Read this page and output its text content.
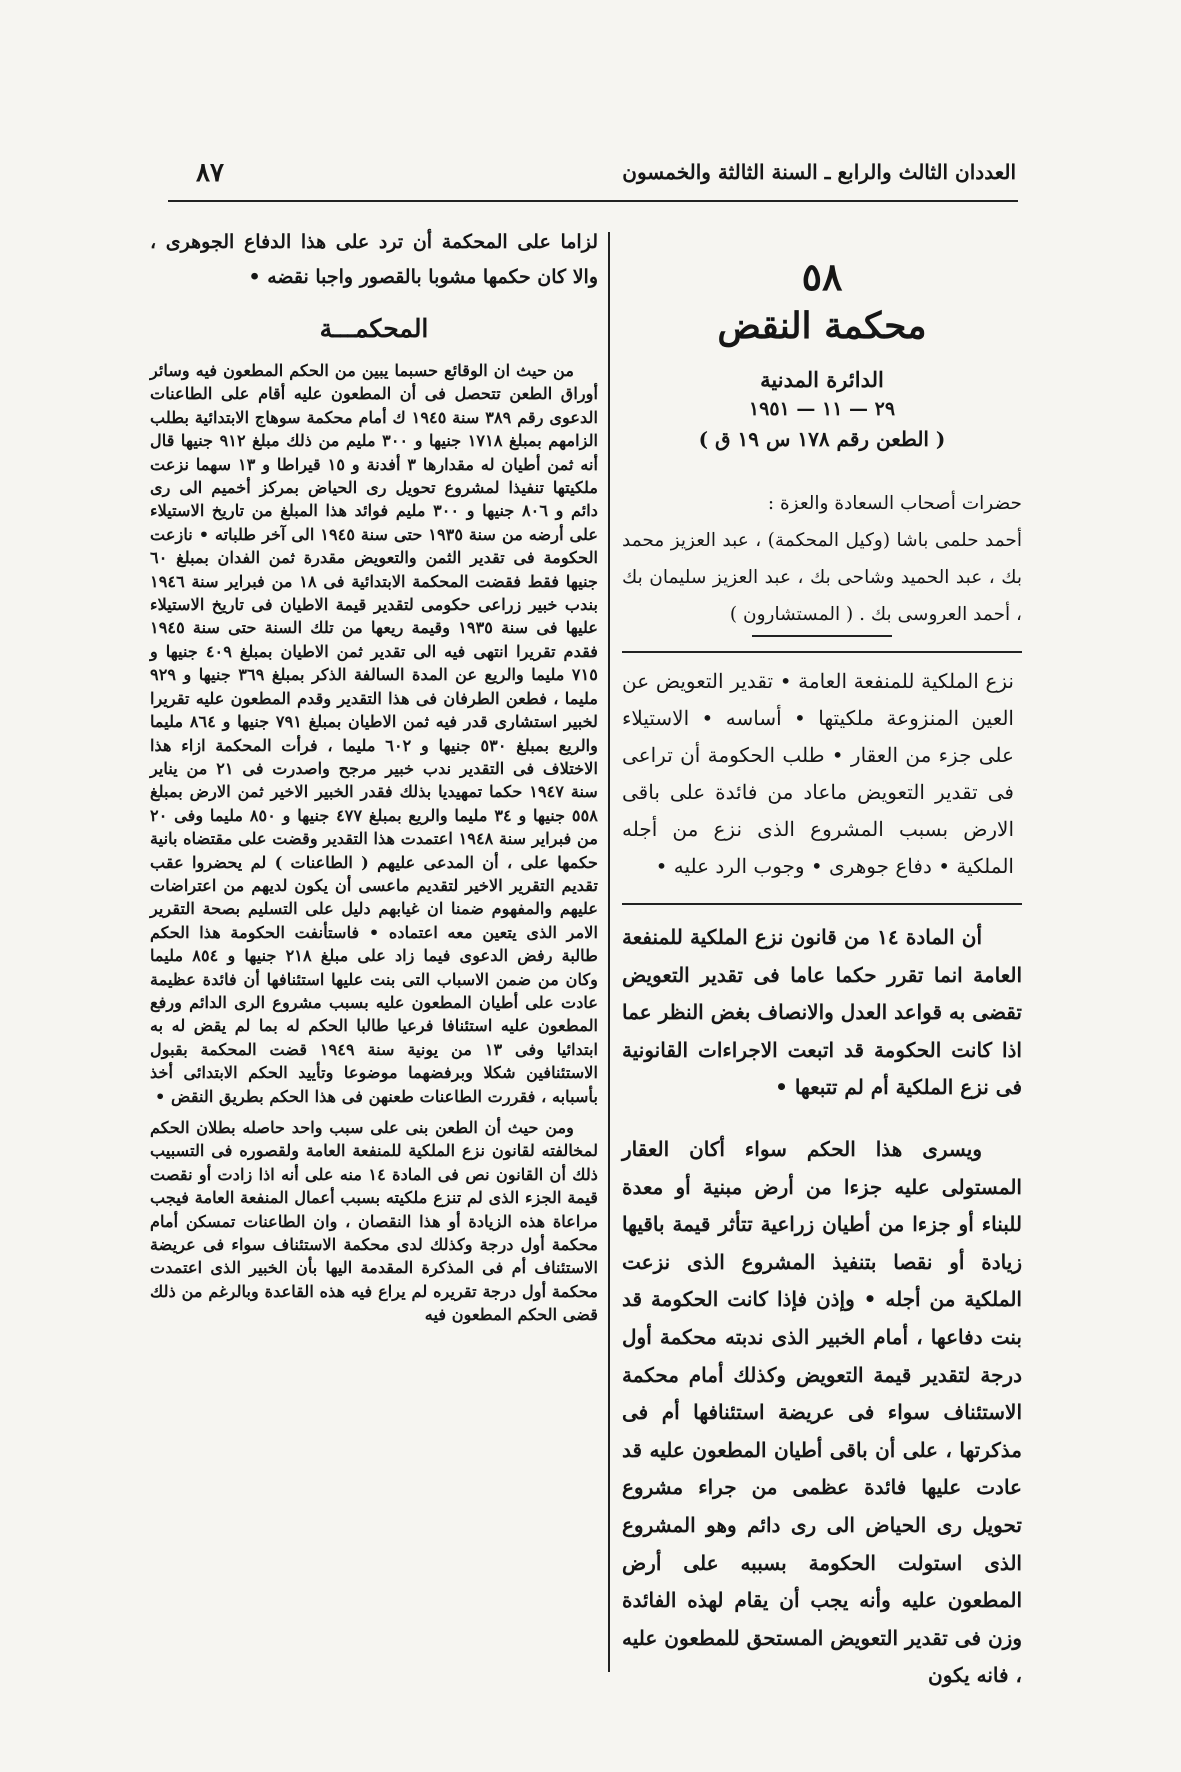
٨٧	العددان الثالث والرابع ـ السنة الثالثة والخمسون
٥٨
محكمة النقض
الدائرة المدنية
٢٩ — ١١ — ١٩٥١
( الطعن رقم ١٧٨ س ١٩ ق )

حضرات أصحاب السعادة والعزة :

أحمد حلمى باشا (وكيل المحكمة) ، عبد العزيز محمد بك ، عبد الحميد وشاحى بك ، عبد العزيز سليمان بك ، أحمد العروسى بك . ( المستشارون )

نزع الملكية للمنفعة العامة • تقدير التعويض عن العين المنزوعة ملكيتها • أساسه • الاستيلاء على جزء من العقار • طلب الحكومة أن تراعى فى تقدير التعويض ماعاد من فائدة على باقى الارض بسبب المشروع الذى نزع من أجله الملكية • دفاع جوهرى • وجوب الرد عليه •

أن المادة ١٤ من قانون نزع الملكية للمنفعة العامة انما تقرر حكما عاما فى تقدير التعويض تقضى به قواعد العدل والانصاف بغض النظر عما اذا كانت الحكومة قد اتبعت الاجراءات القانونية فى نزع الملكية أم لم تتبعها •

ويسرى هذا الحكم سواء أكان العقار المستولى عليه جزءا من أرض مبنية أو معدة للبناء أو جزءا من أطيان زراعية تتأثر قيمة باقيها زيادة أو نقصا بتنفيذ المشروع الذى نزعت الملكية من أجله • وإذن فإذا كانت الحكومة قد بنت دفاعها ، أمام الخبير الذى ندبته محكمة أول درجة لتقدير قيمة التعويض وكذلك أمام محكمة الاستئناف سواء فى عريضة استئنافها أم فى مذكرتها ، على أن باقى أطيان المطعون عليه قد عادت عليها فائدة عظمى من جراء مشروع تحويل رى الحياض الى رى دائم وهو المشروع الذى استولت الحكومة بسببه على أرض المطعون عليه وأنه يجب أن يقام لهذه الفائدة وزن فى تقدير التعويض المستحق للمطعون عليه ، فانه يكون

لزاما على المحكمة أن ترد على هذا الدفاع الجوهرى ، والا كان حكمها مشوبا بالقصور واجبا نقضه •
المحكمـــة

من حيث ان الوقائع حسبما يبين من الحكم المطعون فيه وسائر أوراق الطعن تتحصل فى أن المطعون عليه أقام على الطاعنات الدعوى رقم ٣٨٩ سنة ١٩٤٥ ك أمام محكمة سوهاج الابتدائية بطلب الزامهم بمبلغ ١٧١٨ جنيها و ٣٠٠ مليم من ذلك مبلغ ٩١٢ جنيها قال أنه ثمن أطيان له مقدارها ٣ أفدنة و ١٥ قيراطا و ١٣ سهما نزعت ملكيتها تنفيذا لمشروع تحويل رى الحياض بمركز أخميم الى رى دائم و ٨٠٦ جنيها و ٣٠٠ مليم فوائد هذا المبلغ من تاريخ الاستيلاء على أرضه من سنة ١٩٣٥ حتى سنة ١٩٤٥ الى آخر طلباته • نازعت الحكومة فى تقدير الثمن والتعويض مقدرة ثمن الفدان بمبلغ ٦٠ جنيها فقط فقضت المحكمة الابتدائية فى ١٨ من فبراير سنة ١٩٤٦ بندب خبير زراعى حكومى لتقدير قيمة الاطيان فى تاريخ الاستيلاء عليها فى سنة ١٩٣٥ وقيمة ريعها من تلك السنة حتى سنة ١٩٤٥ فقدم تقريرا انتهى فيه الى تقدير ثمن الاطيان بمبلغ ٤٠٩ جنيها و ٧١٥ مليما والريع عن المدة السالفة الذكر بمبلغ ٣٦٩ جنيها و ٩٢٩ مليما ، فطعن الطرفان فى هذا التقدير وقدم المطعون عليه تقريرا لخبير استشارى قدر فيه ثمن الاطيان بمبلغ ٧٩١ جنيها و ٨٦٤ مليما والريع بمبلغ ٥٣٠ جنيها و ٦٠٢ مليما ، فرأت المحكمة ازاء هذا الاختلاف فى التقدير ندب خبير مرجح واصدرت فى ٢١ من يناير سنة ١٩٤٧ حكما تمهيديا بذلك فقدر الخبير الاخير ثمن الارض بمبلغ ٥٥٨ جنيها و ٣٤ مليما والريع بمبلغ ٤٧٧ جنيها و ٨٥٠ مليما وفى ٢٠ من فبراير سنة ١٩٤٨ اعتمدت هذا التقدير وقضت على مقتضاه بانية حكمها على ، أن المدعى عليهم ( الطاعنات ) لم يحضروا عقب تقديم التقرير الاخير لتقديم ماعسى أن يكون لديهم من اعتراضات عليهم والمفهوم ضمنا ان غيابهم دليل على التسليم بصحة التقرير الامر الذى يتعين معه اعتماده • فاستأنفت الحكومة هذا الحكم طالبة رفض الدعوى فيما زاد على مبلغ ٢١٨ جنيها و ٨٥٤ مليما وكان من ضمن الاسباب التى بنت عليها استئنافها أن فائدة عظيمة عادت على أطيان المطعون عليه بسبب مشروع الرى الدائم ورفع المطعون عليه استئنافا فرعيا طالبا الحكم له بما لم يقض له به ابتدائيا وفى ١٣ من يونية سنة ١٩٤٩ قضت المحكمة بقبول الاستئنافين شكلا وبرفضهما موضوعا وتأييد الحكم الابتدائى أخذ بأسبابه ، فقررت الطاعنات طعنهن فى هذا الحكم بطريق النقض •

ومن حيث أن الطعن بنى على سبب واحد حاصله بطلان الحكم لمخالفته لقانون نزع الملكية للمنفعة العامة ولقصوره فى التسبيب ذلك أن القانون نص فى المادة ١٤ منه على أنه اذا زادت أو نقصت قيمة الجزء الذى لم تنزع ملكيته بسبب أعمال المنفعة العامة فيجب مراعاة هذه الزيادة أو هذا النقصان ، وان الطاعنات تمسكن أمام محكمة أول درجة وكذلك لدى محكمة الاستئناف سواء فى عريضة الاستئناف أم فى المذكرة المقدمة اليها بأن الخبير الذى اعتمدت محكمة أول درجة تقريره لم يراع فيه هذه القاعدة وبالرغم من ذلك قضى الحكم المطعون فيه
